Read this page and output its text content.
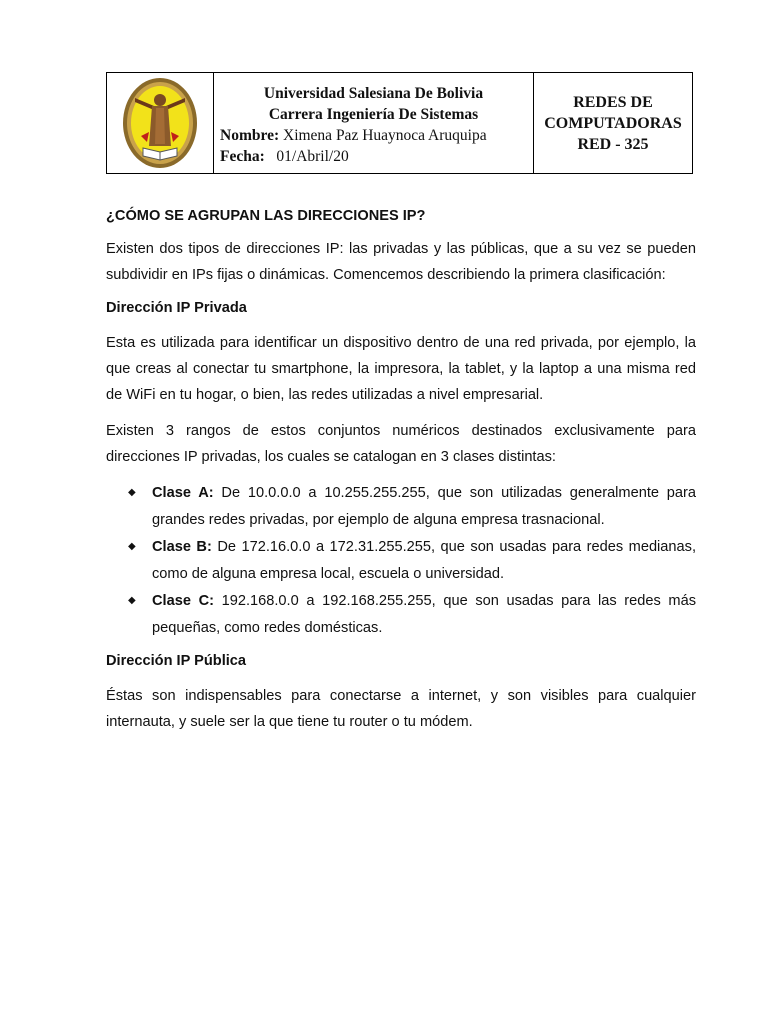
Universidad Salesiana De Bolivia
Carrera Ingeniería De Sistemas
Nombre: Ximena Paz Huaynoca Aruquipa
Fecha: 01/Abril/20
REDES DE
COMPUTADORAS
RED - 325
¿CÓMO SE AGRUPAN LAS DIRECCIONES IP?

Existen dos tipos de direcciones IP: las privadas y las públicas, que a su vez se pueden subdividir en IPs fijas o dinámicas. Comencemos describiendo la primera clasificación:

Dirección IP Privada

Esta es utilizada para identificar un dispositivo dentro de una red privada, por ejemplo, la que creas al conectar tu smartphone, la impresora, la tablet, y la laptop a una misma red de WiFi en tu hogar, o bien, las redes utilizadas a nivel empresarial.

Existen 3 rangos de estos conjuntos numéricos destinados exclusivamente para direcciones IP privadas, los cuales se catalogan en 3 clases distintas:

◆ Clase A: De 10.0.0.0 a 10.255.255.255, que son utilizadas generalmente para grandes redes privadas, por ejemplo de alguna empresa trasnacional.
◆ Clase B: De 172.16.0.0 a 172.31.255.255, que son usadas para redes medianas, como de alguna empresa local, escuela o universidad.
◆ Clase C: 192.168.0.0 a 192.168.255.255, que son usadas para las redes más pequeñas, como redes domésticas.
Dirección IP Pública

Éstas son indispensables para conectarse a internet, y son visibles para cualquier internauta, y suele ser la que tiene tu router o tu módem.
